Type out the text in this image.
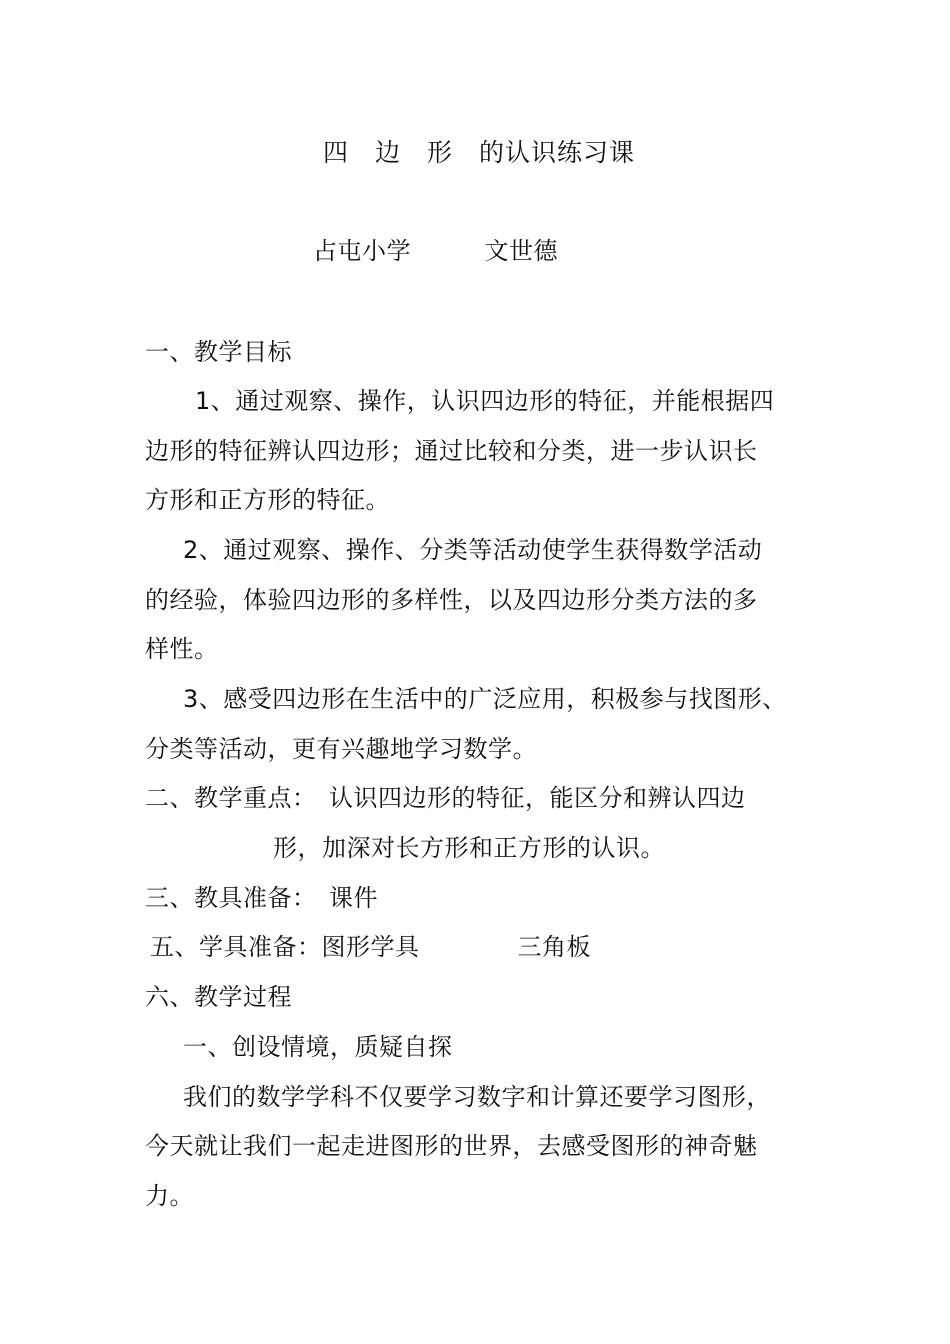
四　边　形　的认识练习课
占屯小学　　　文世德
一、教学目标
1、通过观察、操作，认识四边形的特征，并能根据四
边形的特征辨认四边形；通过比较和分类，进一步认识长
方形和正方形的特征。
2、通过观察、操作、分类等活动使学生获得数学活动
的经验，体验四边形的多样性，以及四边形分类方法的多
样性。
3、感受四边形在生活中的广泛应用，积极参与找图形、
分类等活动，更有兴趣地学习数学。
二、教学重点：　认识四边形的特征，能区分和辨认四边
形，加深对长方形和正方形的认识。
三、教具准备：　课件
五、学具准备：图形学具　　　　三角板
六、教学过程
一、创设情境，质疑自探
我们的数学学科不仅要学习数字和计算还要学习图形，
今天就让我们一起走进图形的世界，去感受图形的神奇魅
力。
